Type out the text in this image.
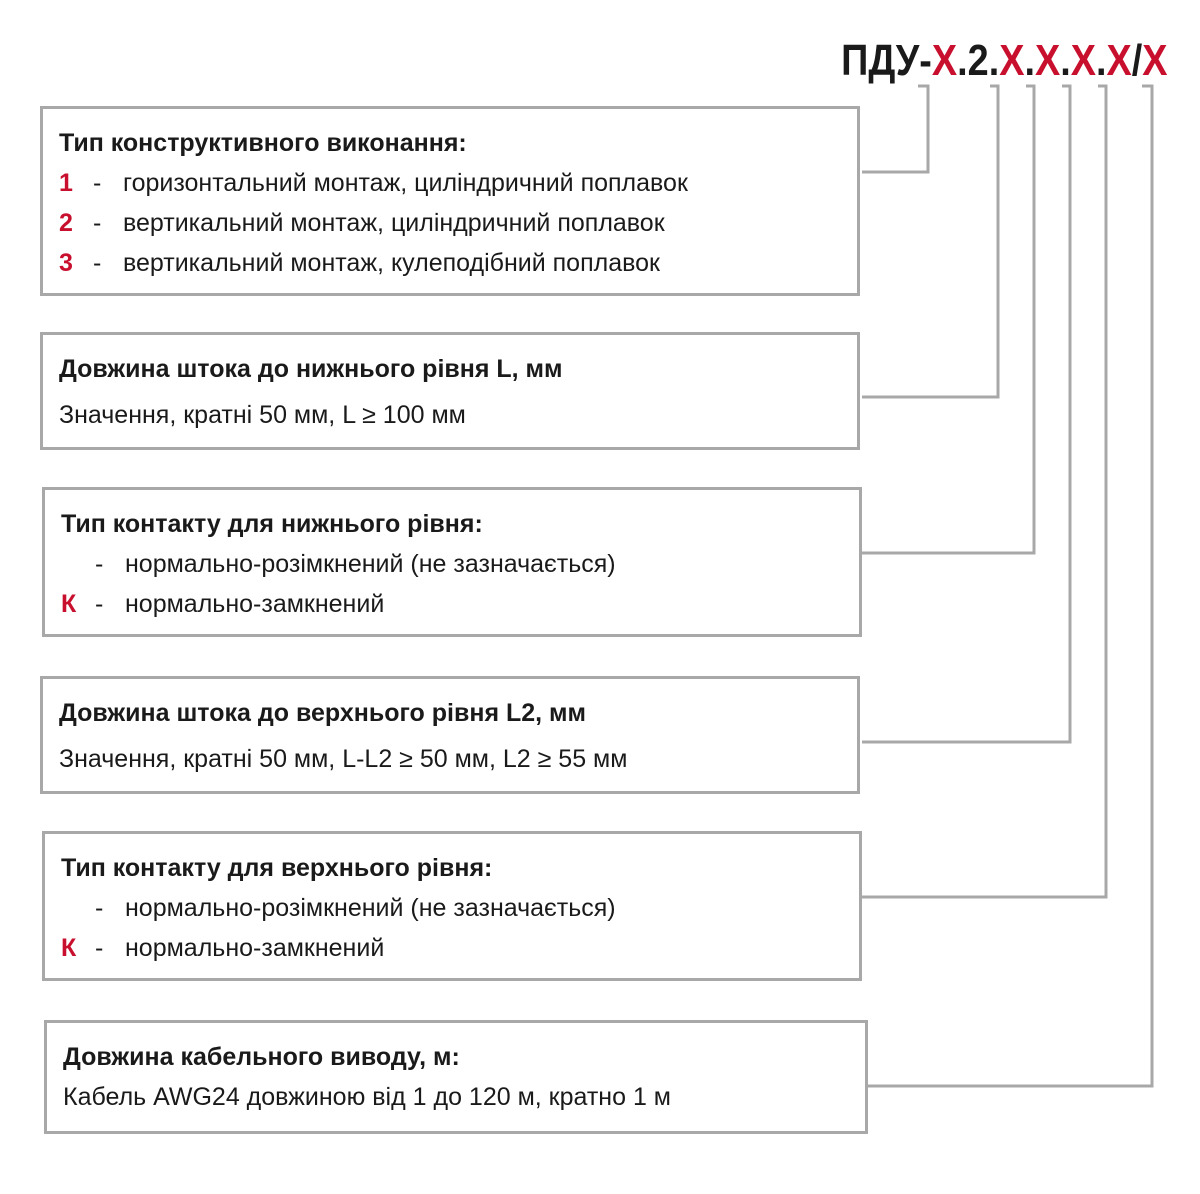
ПДУ-Х.2.Х.Х.Х.Х/Х
Тип конструктивного виконання:
1 - горизонтальний монтаж, циліндричний поплавок
2 - вертикальний монтаж, циліндричний поплавок
3 - вертикальний монтаж, кулеподібний поплавок
Довжина штока до нижнього рівня L, мм
Значення, кратні 50 мм, L ≥ 100 мм
Тип контакту для нижнього рівня:
- нормально-розімкнений (не зазначається)
К - нормально-замкнений
Довжина штока до верхнього рівня L2, мм
Значення, кратні 50 мм, L-L2 ≥ 50 мм, L2 ≥ 55 мм
Тип контакту для верхнього рівня:
- нормально-розімкнений (не зазначається)
К - нормально-замкнений
Довжина кабельного виводу, м:
Кабель AWG24 довжиною від 1 до 120 м, кратно 1 м
